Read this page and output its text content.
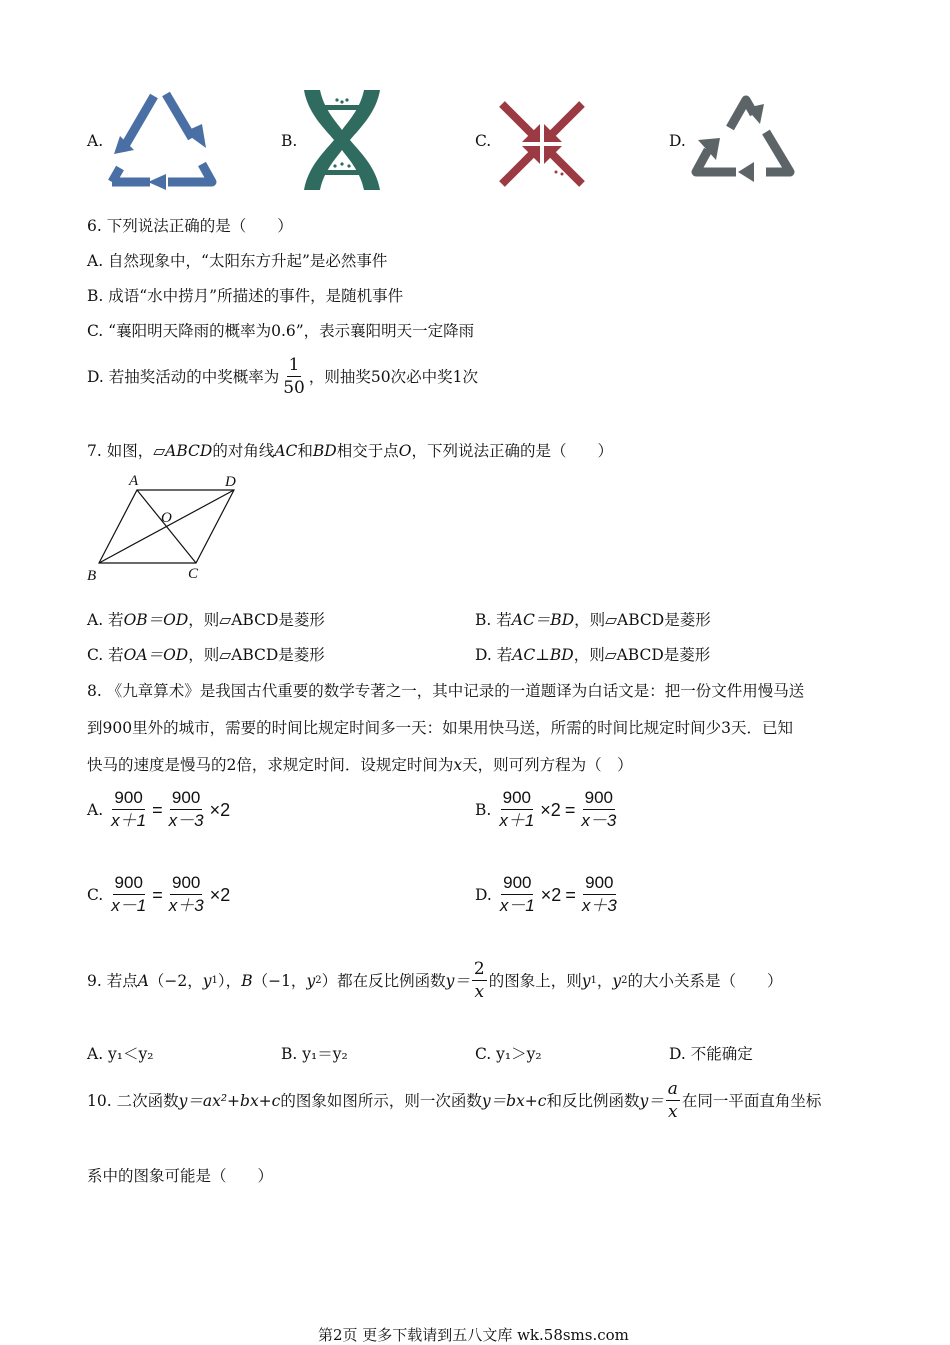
A.	B.	C.	D.
6. 下列说法正确的是（　　）
A. 自然现象中，“太阳东方升起”是必然事件
B. 成语“水中捞月”所描述的事件，是随机事件
C. “襄阳明天降雨的概率为0.6”，表示襄阳明天一定降雨
D. 若抽奖活动的中奖概率为 $\frac{1}{50}$ ，则抽奖50次必中奖1次
7. 如图，▱ABCD的对角线AC和BD相交于点O，下列说法正确的是（　　）
A	D
O
B	C
A. 若OB＝OD，则▱ABCD是菱形	B. 若AC＝BD，则▱ABCD是菱形
C. 若OA＝OD，则▱ABCD是菱形	D. 若AC⊥BD，则▱ABCD是菱形
8. 《九章算术》是我国古代重要的数学专著之一，其中记录的一道题译为白话文是：把一份文件用慢马送
到900里外的城市，需要的时间比规定时间多一天：如果用快马送，所需的时间比规定时间少3天．已知
快马的速度是慢马的2倍，求规定时间．设规定时间为x天，则可列方程为（　）
A. $\frac{900}{x+1} = \frac{900}{x-3} \times 2$	B. $\frac{900}{x+1} \times 2 = \frac{900}{x-3}$
C. $\frac{900}{x-1} = \frac{900}{x+3} \times 2$	D. $\frac{900}{x-1} \times 2 = \frac{900}{x+3}$
9. 若点 A （−2， y 1 ）， B （−1， y 2 ）都在反比例函数 $y= \frac{2}{x}$ 的图象上，则 y 1 ， y 2 的大小关系是（　　）
A. y₁＜y₂	B. y₁＝y₂	C. y₁＞y₂	D. 不能确定
10. 二次函数 y＝ax²+bx+c 的图象如图所示，则一次函数 y＝bx+c 和反比例函数 $y= \frac{a}{x}$ 在同一平面直角坐标
系中的图象可能是（　　）
第2页 更多下载请到五八文库 wk.58sms.com
